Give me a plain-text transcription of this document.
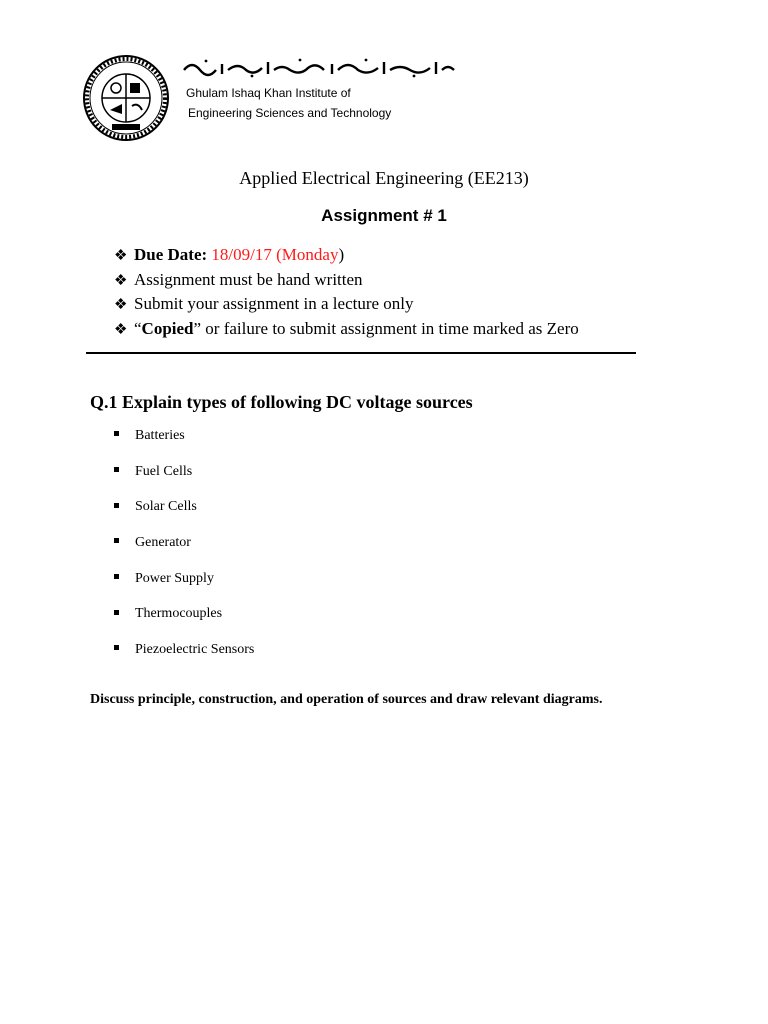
Ghulam Ishaq Khan Institute of
Engineering Sciences and Technology
Applied Electrical Engineering (EE213)
Assignment # 1
❖ Due Date: 18/09/17 (Monday)
❖ Assignment must be hand written
❖ Submit your assignment in a lecture only
❖ “Copied” or failure to submit assignment in time marked as Zero
Q.1 Explain types of following DC voltage sources
Batteries
Fuel Cells
Solar Cells
Generator
Power Supply
Thermocouples
Piezoelectric Sensors
Discuss principle, construction, and operation of sources and draw relevant diagrams.
